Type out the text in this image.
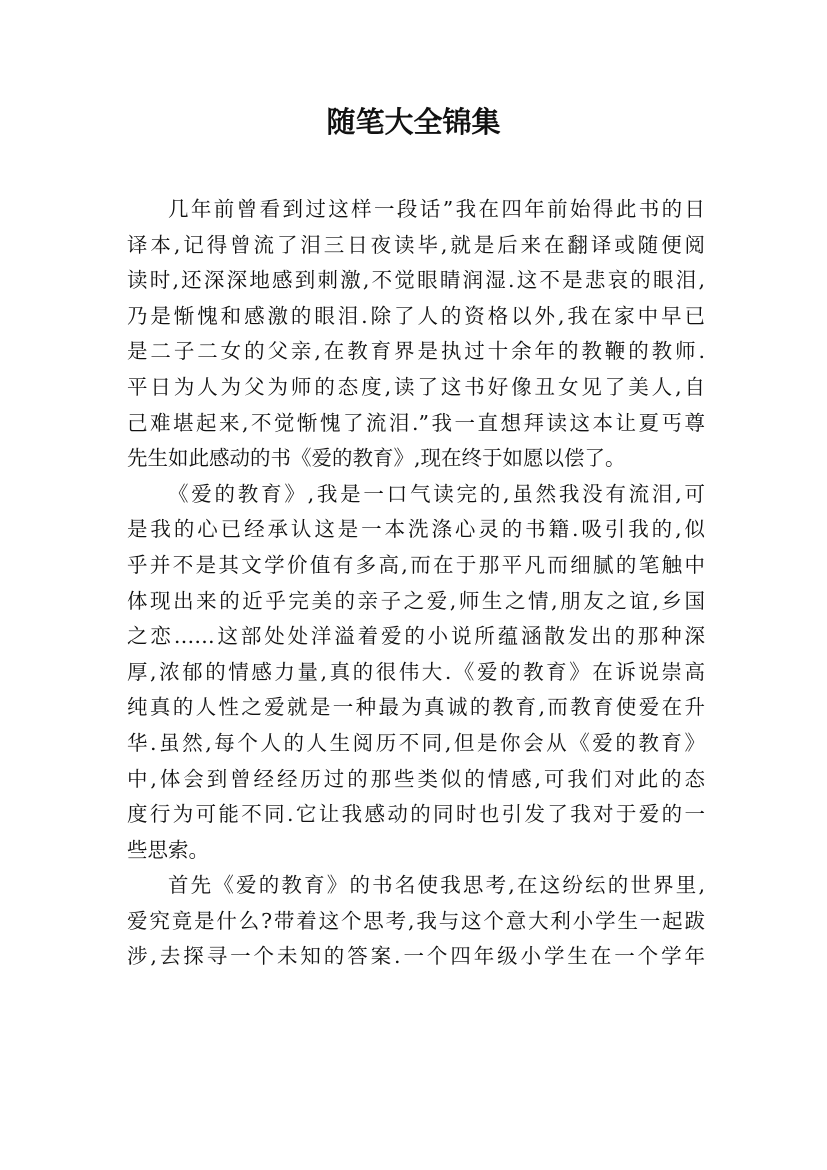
随笔大全锦集

几年前曾看到过这样一段话”我在四年前始得此书的日
译本,记得曾流了泪三日夜读毕,就是后来在翻译或随便阅
读时,还深深地感到刺激,不觉眼睛润湿.这不是悲哀的眼泪,
乃是惭愧和感激的眼泪.除了人的资格以外,我在家中早已
是二子二女的父亲,在教育界是执过十余年的教鞭的教师.
平日为人为父为师的态度,读了这书好像丑女见了美人,自
己难堪起来,不觉惭愧了流泪.”我一直想拜读这本让夏丐尊
先生如此感动的书《爱的教育》,现在终于如愿以偿了。

《爱的教育》,我是一口气读完的,虽然我没有流泪,可
是我的心已经承认这是一本洗涤心灵的书籍.吸引我的,似
乎并不是其文学价值有多高,而在于那平凡而细腻的笔触中
体现出来的近乎完美的亲子之爱,师生之情,朋友之谊,乡国
之恋……这部处处洋溢着爱的小说所蕴涵散发出的那种深
厚,浓郁的情感力量,真的很伟大.《爱的教育》在诉说崇高
纯真的人性之爱就是一种最为真诚的教育,而教育使爱在升
华.虽然,每个人的人生阅历不同,但是你会从《爱的教育》
中,体会到曾经经历过的那些类似的情感,可我们对此的态
度行为可能不同.它让我感动的同时也引发了我对于爱的一
些思索。

首先《爱的教育》的书名使我思考,在这纷纭的世界里,
爱究竟是什么?带着这个思考,我与这个意大利小学生一起跋
涉,去探寻一个未知的答案.一个四年级小学生在一个学年
